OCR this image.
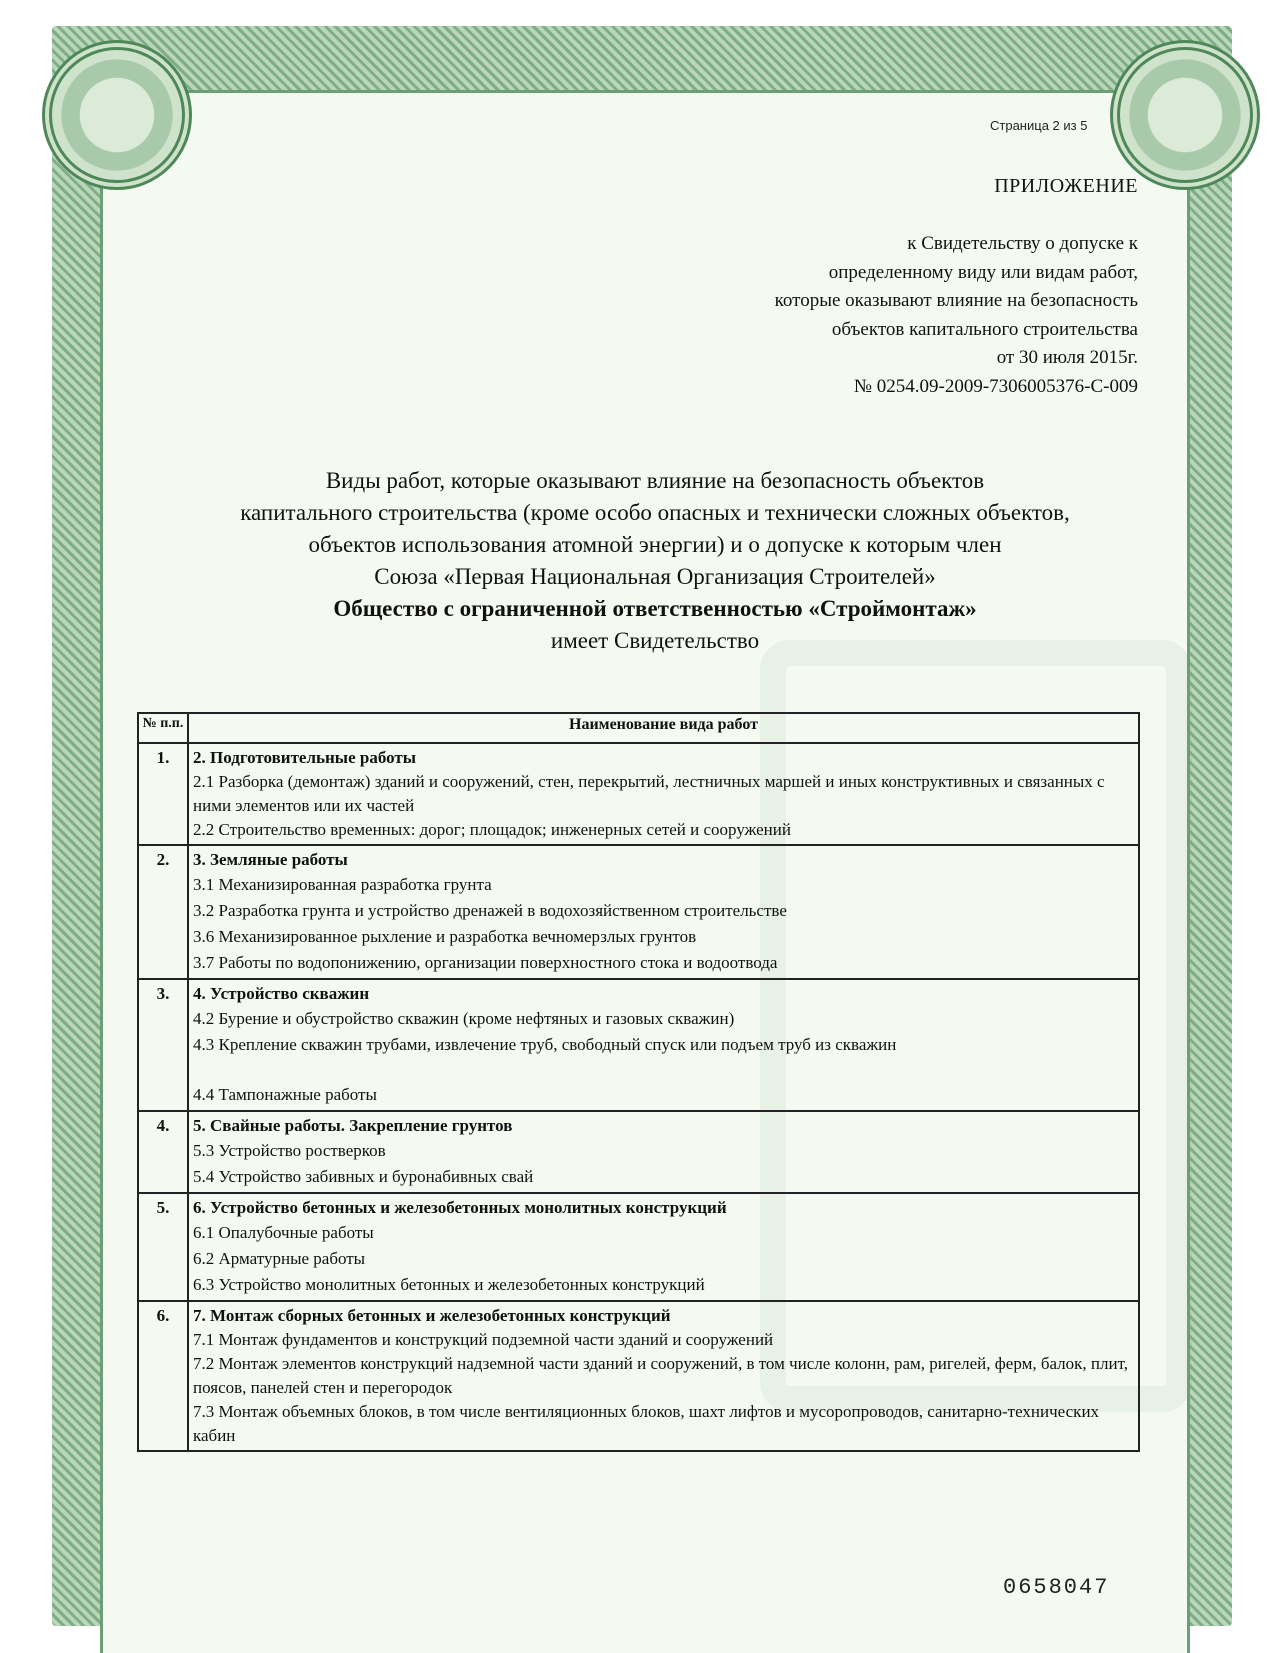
Страница 2 из 5
ПРИЛОЖЕНИЕ
к Свидетельству о допуске к
определенному виду или видам работ,
которые оказывают влияние на безопасность
объектов капитального строительства
от 30 июля 2015г.
№ 0254.09-2009-7306005376-С-009
Виды работ, которые оказывают влияние на безопасность объектов
капитального строительства (кроме особо опасных и технически сложных объектов,
объектов использования атомной энергии) и о допуске к которым член
Союза «Первая Национальная Организация Строителей»
Общество с ограниченной ответственностью «Строймонтаж»
имеет Свидетельство
№ п.п.	Наименование вида работ
1.	2. Подготовительные работы
2.1 Разборка (демонтаж) зданий и сооружений, стен, перекрытий, лестничных маршей и иных конструктивных и связанных с ними элементов или их частей
2.2 Строительство временных: дорог; площадок; инженерных сетей и сооружений

2.	3. Земляные работы
3.1 Механизированная разработка грунта
3.2 Разработка грунта и устройство дренажей в водохозяйственном строительстве
3.6 Механизированное рыхление и разработка вечномерзлых грунтов
3.7 Работы по водопонижению, организации поверхностного стока и водоотвода

3.	4. Устройство скважин
4.2 Бурение и обустройство скважин (кроме нефтяных и газовых скважин)
4.3 Крепление скважин трубами, извлечение труб, свободный спуск или подъем труб из скважин
4.4 Тампонажные работы

4.	5. Свайные работы. Закрепление грунтов
5.3 Устройство ростверков
5.4 Устройство забивных и буронабивных свай

5.	6. Устройство бетонных и железобетонных монолитных конструкций
6.1 Опалубочные работы
6.2 Арматурные работы
6.3 Устройство монолитных бетонных и железобетонных конструкций

6.	7. Монтаж сборных бетонных и железобетонных конструкций
7.1 Монтаж фундаментов и конструкций подземной части зданий и сооружений
7.2 Монтаж элементов конструкций надземной части зданий и сооружений, в том числе колонн, рам, ригелей, ферм, балок, плит, поясов, панелей стен и перегородок
7.3 Монтаж объемных блоков, в том числе вентиляционных блоков, шахт лифтов и мусоропроводов, санитарно-технических кабин
0658047
